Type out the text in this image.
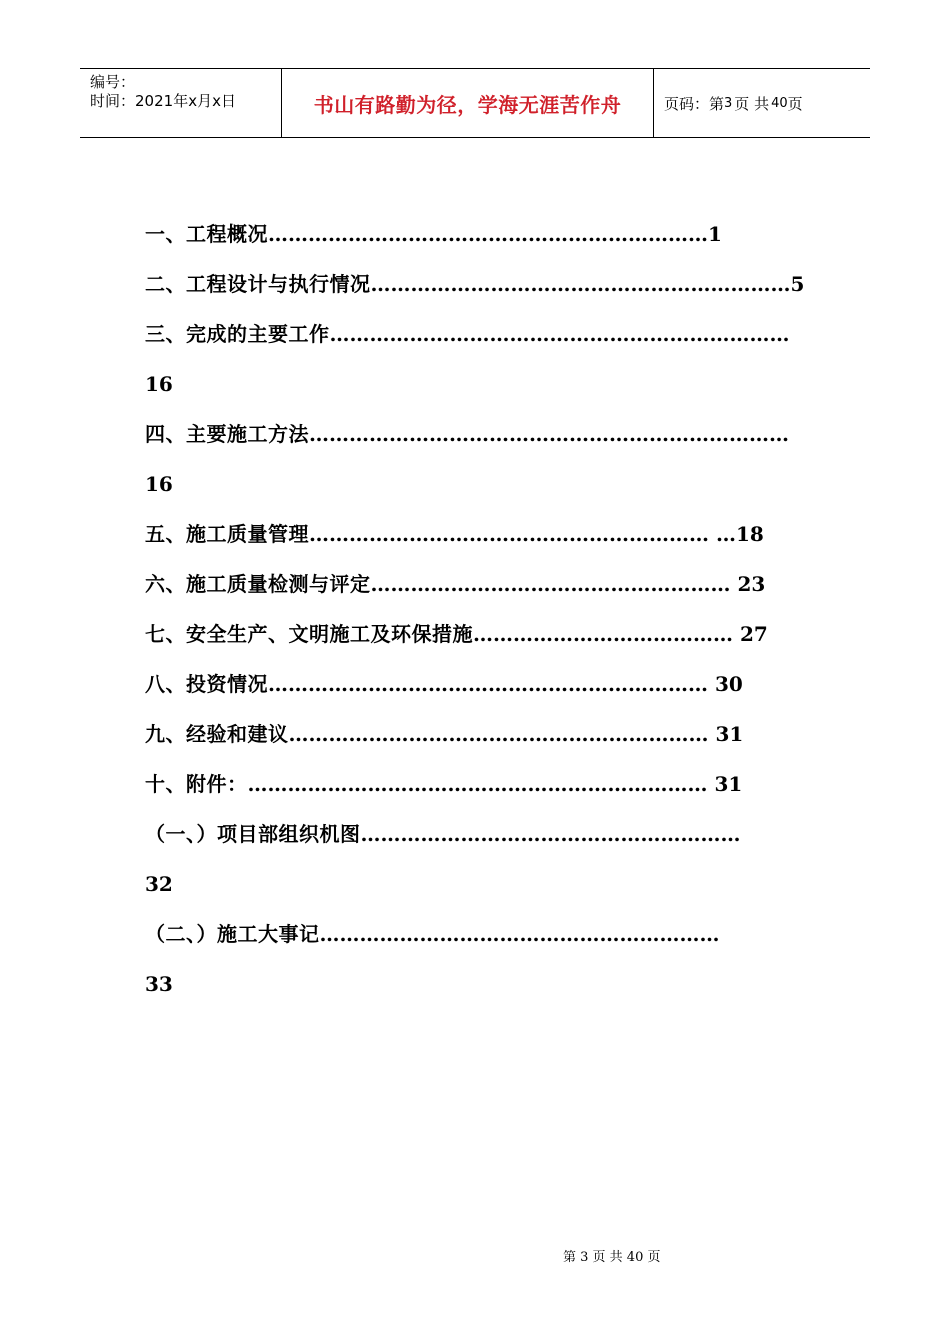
编号：
时间：2021年x月x日	书山有路勤为径，学海无涯苦作舟	页码：第 3 页 共 40 页
一、工程概况…………………………………………………………1
二、工程设计与执行情况………………………………………………………5
三、完成的主要工作……………………………………………………………
16
四、主要施工方法………………………………………………………………
16
五、施工质量管理…………………………………………………… …18
六、施工质量检测与评定……………………………………………… 23
七、安全生产、文明施工及环保措施………………………………… 27
八、投资情况………………………………………………………… 30
九、经验和建议……………………………………………………… 31
十、附件：…………………………………………………………… 31
（一、）项目部组织机图…………………………………………………
32
（二、）施工大事记……………………………………………………
33
第 3 页 共 40 页
